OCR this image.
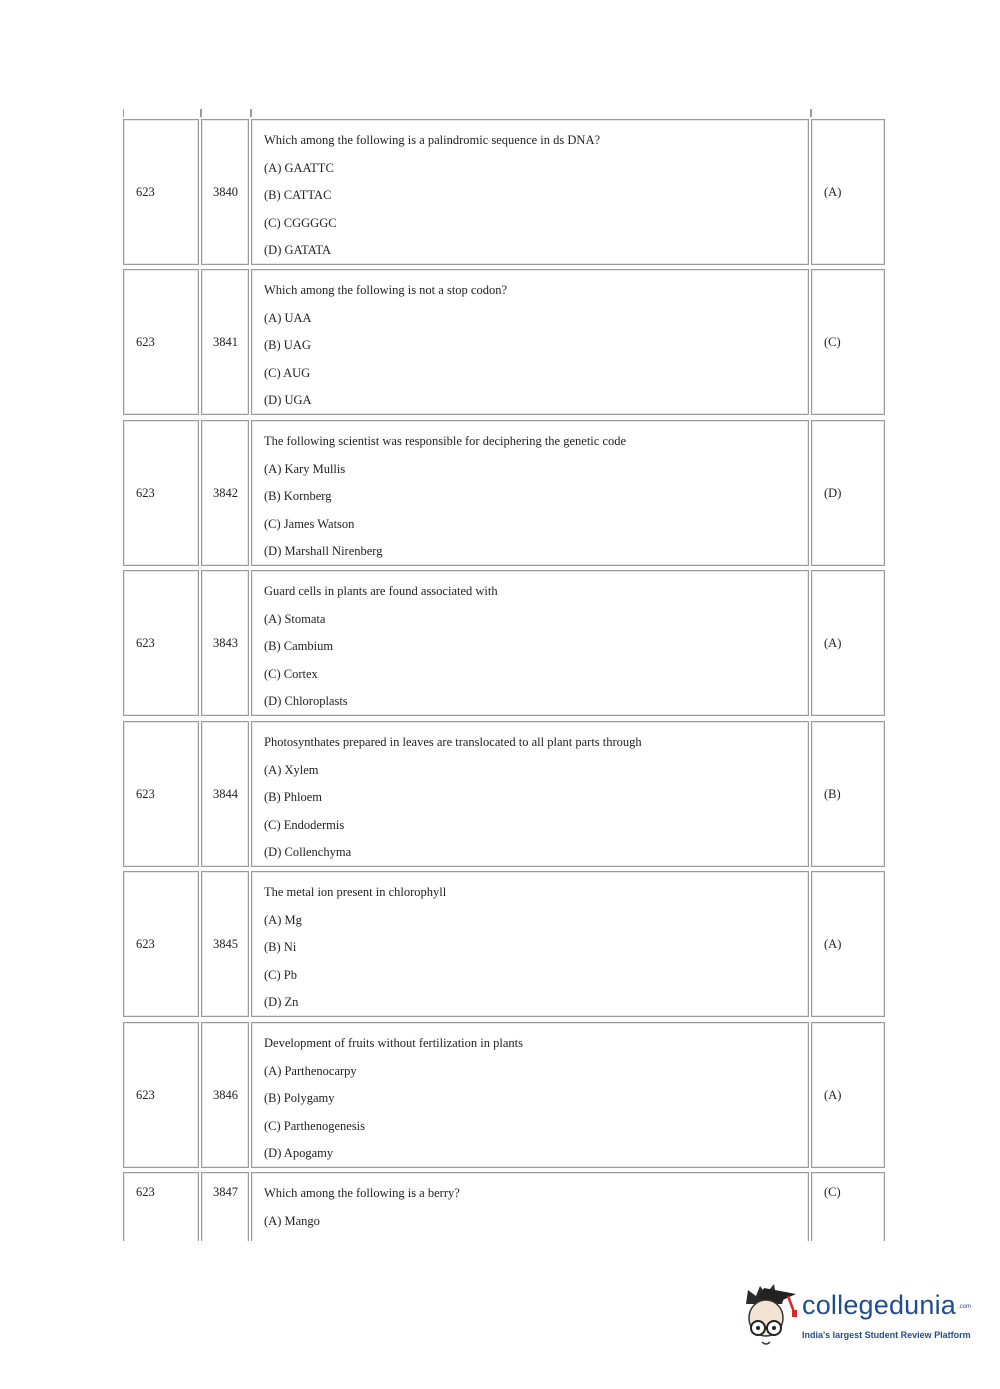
623	3840
Which among the following is a palindromic sequence in ds DNA?
(A) GAATTC
(B) CATTAC
(C) CGGGGC
(D) GATATA
(A)
623	3841
Which among the following is not a stop codon?
(A) UAA
(B) UAG
(C) AUG
(D) UGA
(C)
623	3842
The following scientist was responsible for deciphering the genetic code
(A) Kary Mullis
(B) Kornberg
(C) James Watson
(D) Marshall Nirenberg
(D)
623	3843
Guard cells in plants are found associated with
(A) Stomata
(B) Cambium
(C) Cortex
(D) Chloroplasts
(A)
623	3844
Photosynthates prepared in leaves are translocated to all plant parts through
(A) Xylem
(B) Phloem
(C) Endodermis
(D) Collenchyma
(B)
623	3845
The metal ion present in chlorophyll
(A) Mg
(B) Ni
(C) Pb
(D) Zn
(A)
623	3846
Development of fruits without fertilization in plants
(A) Parthenocarpy
(B) Polygamy
(C) Parthenogenesis
(D) Apogamy
(A)
623	3847 Which among the following is a berry?
(A) Mango
(C)
collegedunia .com
India's largest Student Review Platform
